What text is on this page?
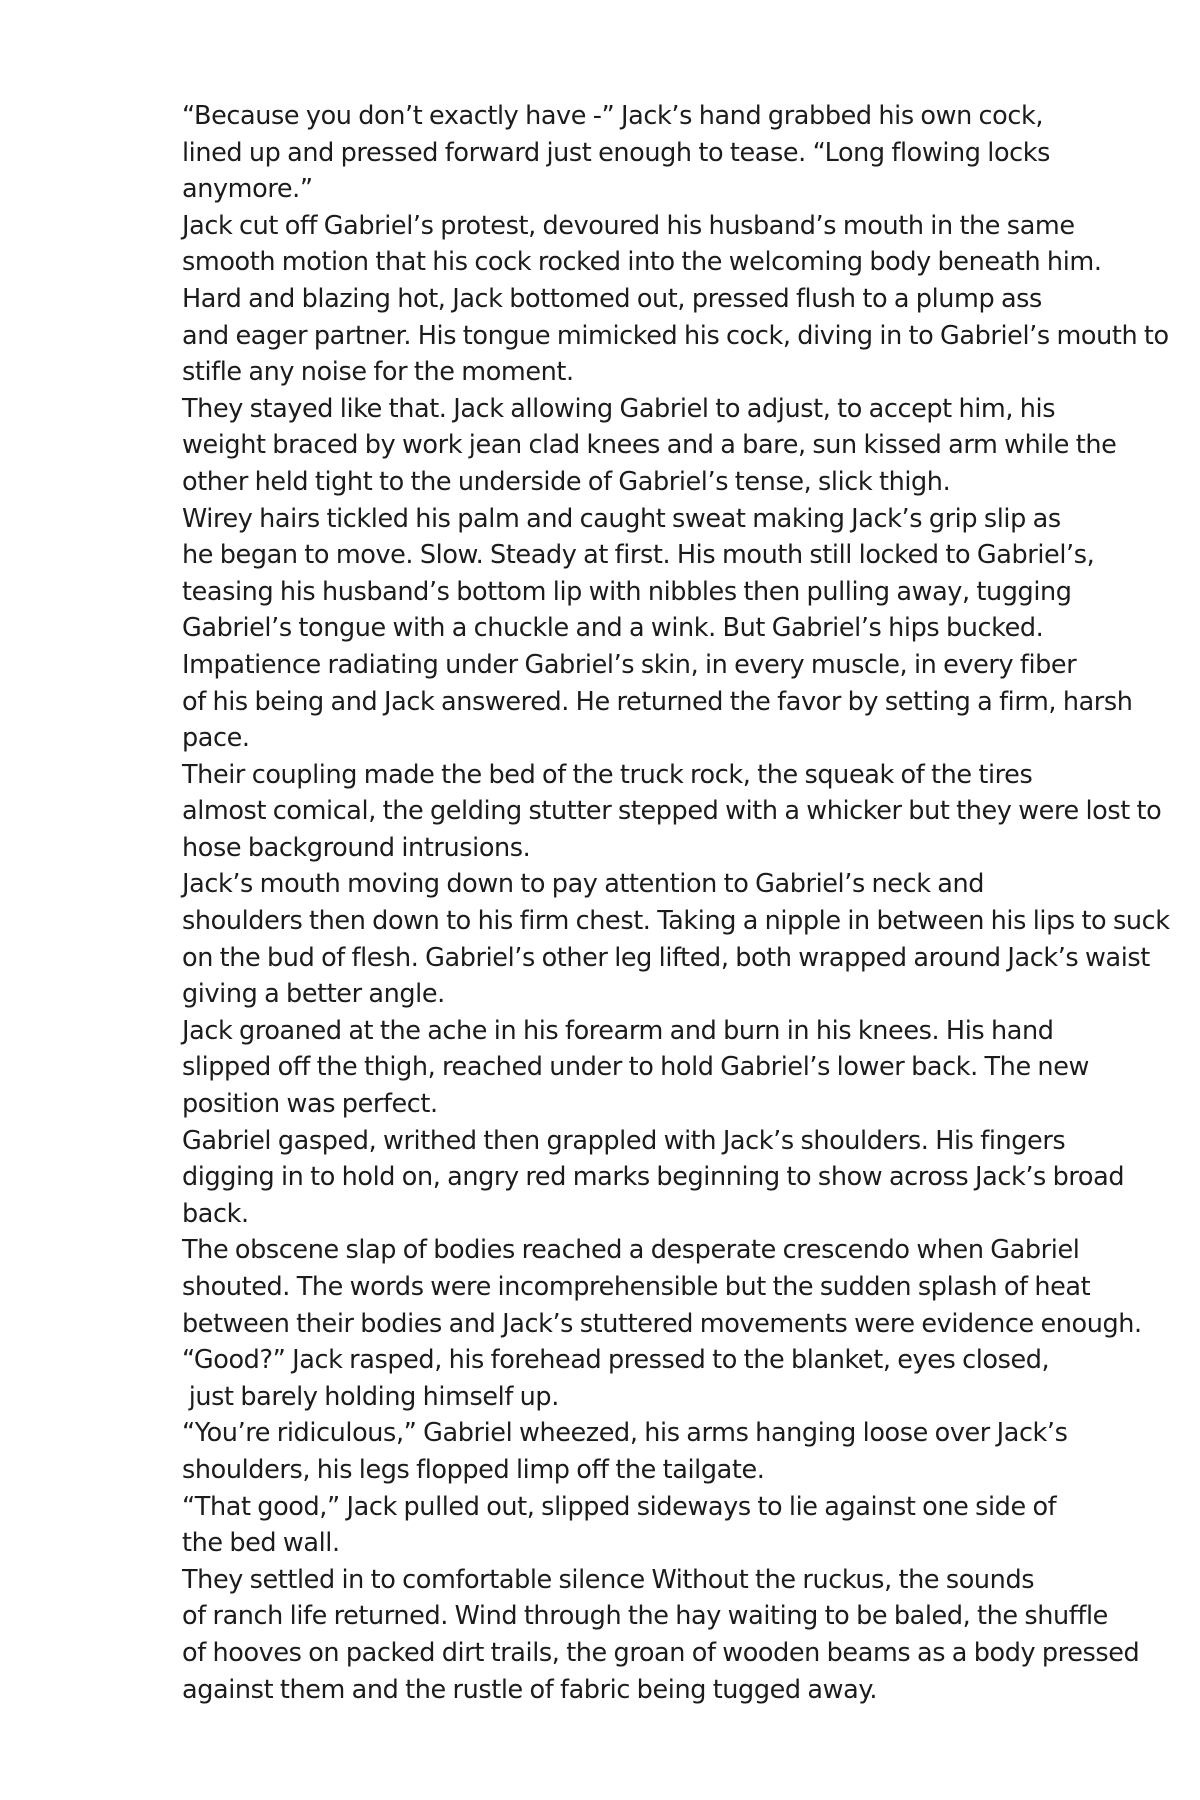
“Because you don’t exactly have -” Jack’s hand grabbed his own cock,
lined up and pressed forward just enough to tease. “Long flowing locks
anymore.”

Jack cut off Gabriel’s protest, devoured his husband’s mouth in the same
smooth motion that his cock rocked into the welcoming body beneath him.

Hard and blazing hot, Jack bottomed out, pressed flush to a plump ass
and eager partner. His tongue mimicked his cock, diving in to Gabriel’s mouth to
stifle any noise for the moment.

They stayed like that. Jack allowing Gabriel to adjust, to accept him, his
weight braced by work jean clad knees and a bare, sun kissed arm while the
other held tight to the underside of Gabriel’s tense, slick thigh.

Wirey hairs tickled his palm and caught sweat making Jack’s grip slip as
he began to move. Slow. Steady at first. His mouth still locked to Gabriel’s,
teasing his husband’s bottom lip with nibbles then pulling away, tugging
Gabriel’s tongue with a chuckle and a wink. But Gabriel’s hips bucked.

Impatience radiating under Gabriel’s skin, in every muscle, in every fiber
of his being and Jack answered. He returned the favor by setting a firm, harsh
pace.

Their coupling made the bed of the truck rock, the squeak of the tires
almost comical, the gelding stutter stepped with a whicker but they were lost to
hose background intrusions.

Jack’s mouth moving down to pay attention to Gabriel’s neck and
shoulders then down to his firm chest. Taking a nipple in between his lips to suck
on the bud of flesh. Gabriel’s other leg lifted, both wrapped around Jack’s waist
giving a better angle.

Jack groaned at the ache in his forearm and burn in his knees. His hand
slipped off the thigh, reached under to hold Gabriel’s lower back. The new
position was perfect.

Gabriel gasped, writhed then grappled with Jack’s shoulders. His fingers
digging in to hold on, angry red marks beginning to show across Jack’s broad
back.

The obscene slap of bodies reached a desperate crescendo when Gabriel
shouted. The words were incomprehensible but the sudden splash of heat
between their bodies and Jack’s stuttered movements were evidence enough.

“Good?” Jack rasped, his forehead pressed to the blanket, eyes closed,
just barely holding himself up.

“You’re ridiculous,” Gabriel wheezed, his arms hanging loose over Jack’s
shoulders, his legs flopped limp off the tailgate.

“That good,” Jack pulled out, slipped sideways to lie against one side of
the bed wall.

They settled in to comfortable silence Without the ruckus, the sounds
of ranch life returned. Wind through the hay waiting to be baled, the shuffle
of hooves on packed dirt trails, the groan of wooden beams as a body pressed
against them and the rustle of fabric being tugged away.
